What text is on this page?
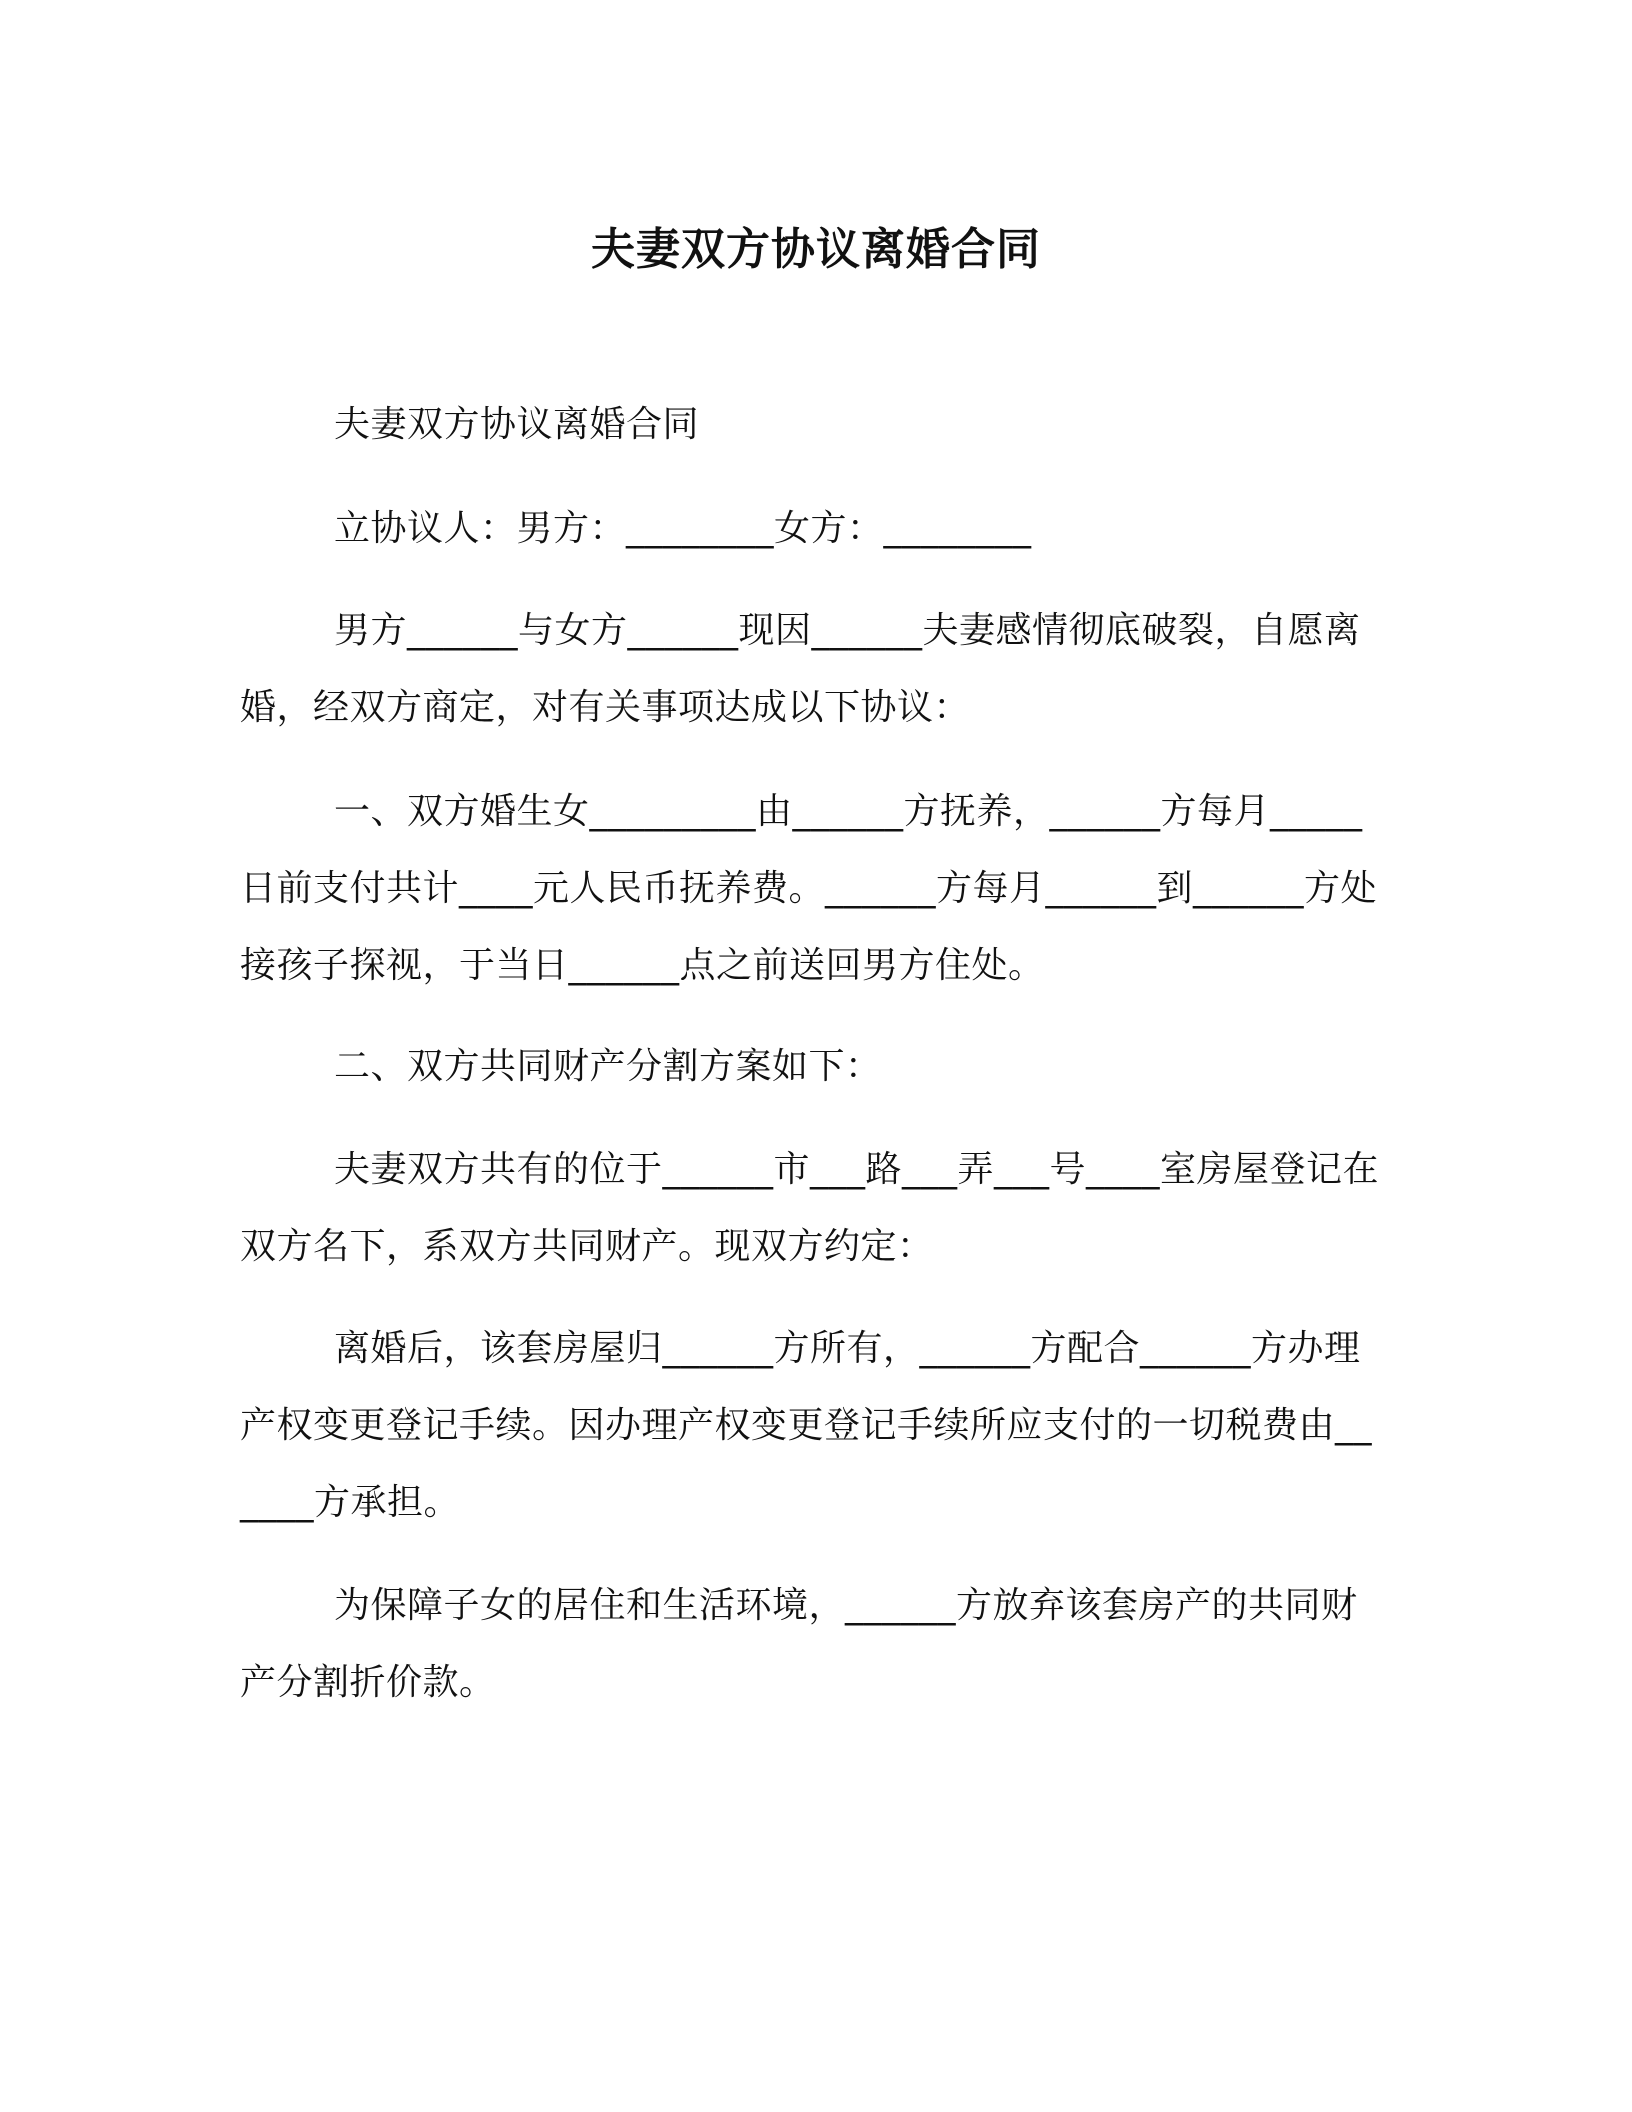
夫妻双方协议离婚合同

夫妻双方协议离婚合同

立协议人：男方：________女方：________

男方______与女方______现因______夫妻感情彻底破裂，自愿离婚，经双方商定，对有关事项达成以下协议：

一、双方婚生女_________由______方抚养，______方每月_____日前支付共计____元人民币抚养费。______方每月______到______方处接孩子探视，于当日______点之前送回男方住处。

二、双方共同财产分割方案如下：

夫妻双方共有的位于______市___路___弄___号____室房屋登记在双方名下，系双方共同财产。现双方约定：

离婚后，该套房屋归______方所有，______方配合______方办理产权变更登记手续。因办理产权变更登记手续所应支付的一切税费由______方承担。

为保障子女的居住和生活环境，______方放弃该套房产的共同财产分割折价款。
